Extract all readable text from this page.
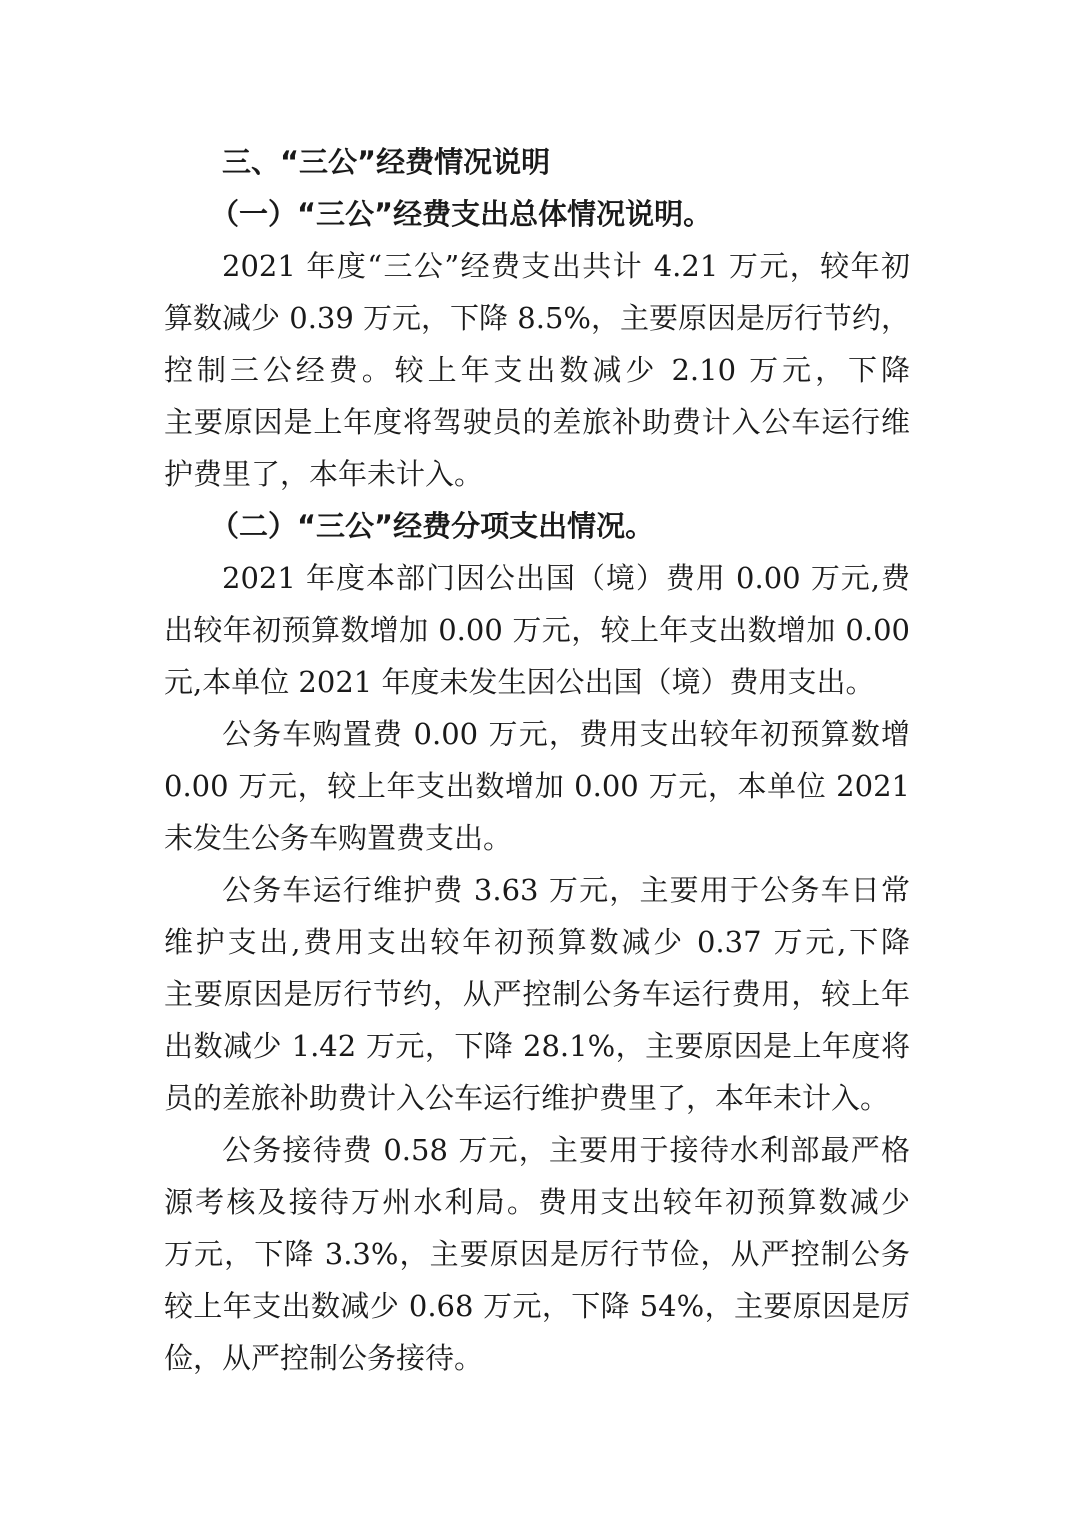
三、“三公”经费情况说明
（一）“三公”经费支出总体情况说明。
2021 年度“三公”经费支出共计 4.21 万元，较年初
算数减少 0.39 万元，下降 8.5%，主要原因是厉行节约，
控制三公经费。较上年支出数减少 2.10 万元，下降
主要原因是上年度将驾驶员的差旅补助费计入公车运行维
护费里了，本年未计入。
（二）“三公”经费分项支出情况。
2021 年度本部门因公出国（境）费用 0.00 万元,费
出较年初预算数增加 0.00 万元，较上年支出数增加 0.00
元,本单位 2021 年度未发生因公出国（境）费用支出。
公务车购置费 0.00 万元，费用支出较年初预算数增
0.00 万元，较上年支出数增加 0.00 万元，本单位 2021
未发生公务车购置费支出。
公务车运行维护费 3.63 万元，主要用于公务车日常
维护支出,费用支出较年初预算数减少 0.37 万元,下降
主要原因是厉行节约，从严控制公务车运行费用，较上年
出数减少 1.42 万元，下降 28.1%，主要原因是上年度将
员的差旅补助费计入公车运行维护费里了，本年未计入。
公务接待费 0.58 万元，主要用于接待水利部最严格
源考核及接待万州水利局。费用支出较年初预算数减少
万元，下降 3.3%，主要原因是厉行节俭，从严控制公务
较上年支出数减少 0.68 万元，下降 54%，主要原因是厉
俭，从严控制公务接待。
